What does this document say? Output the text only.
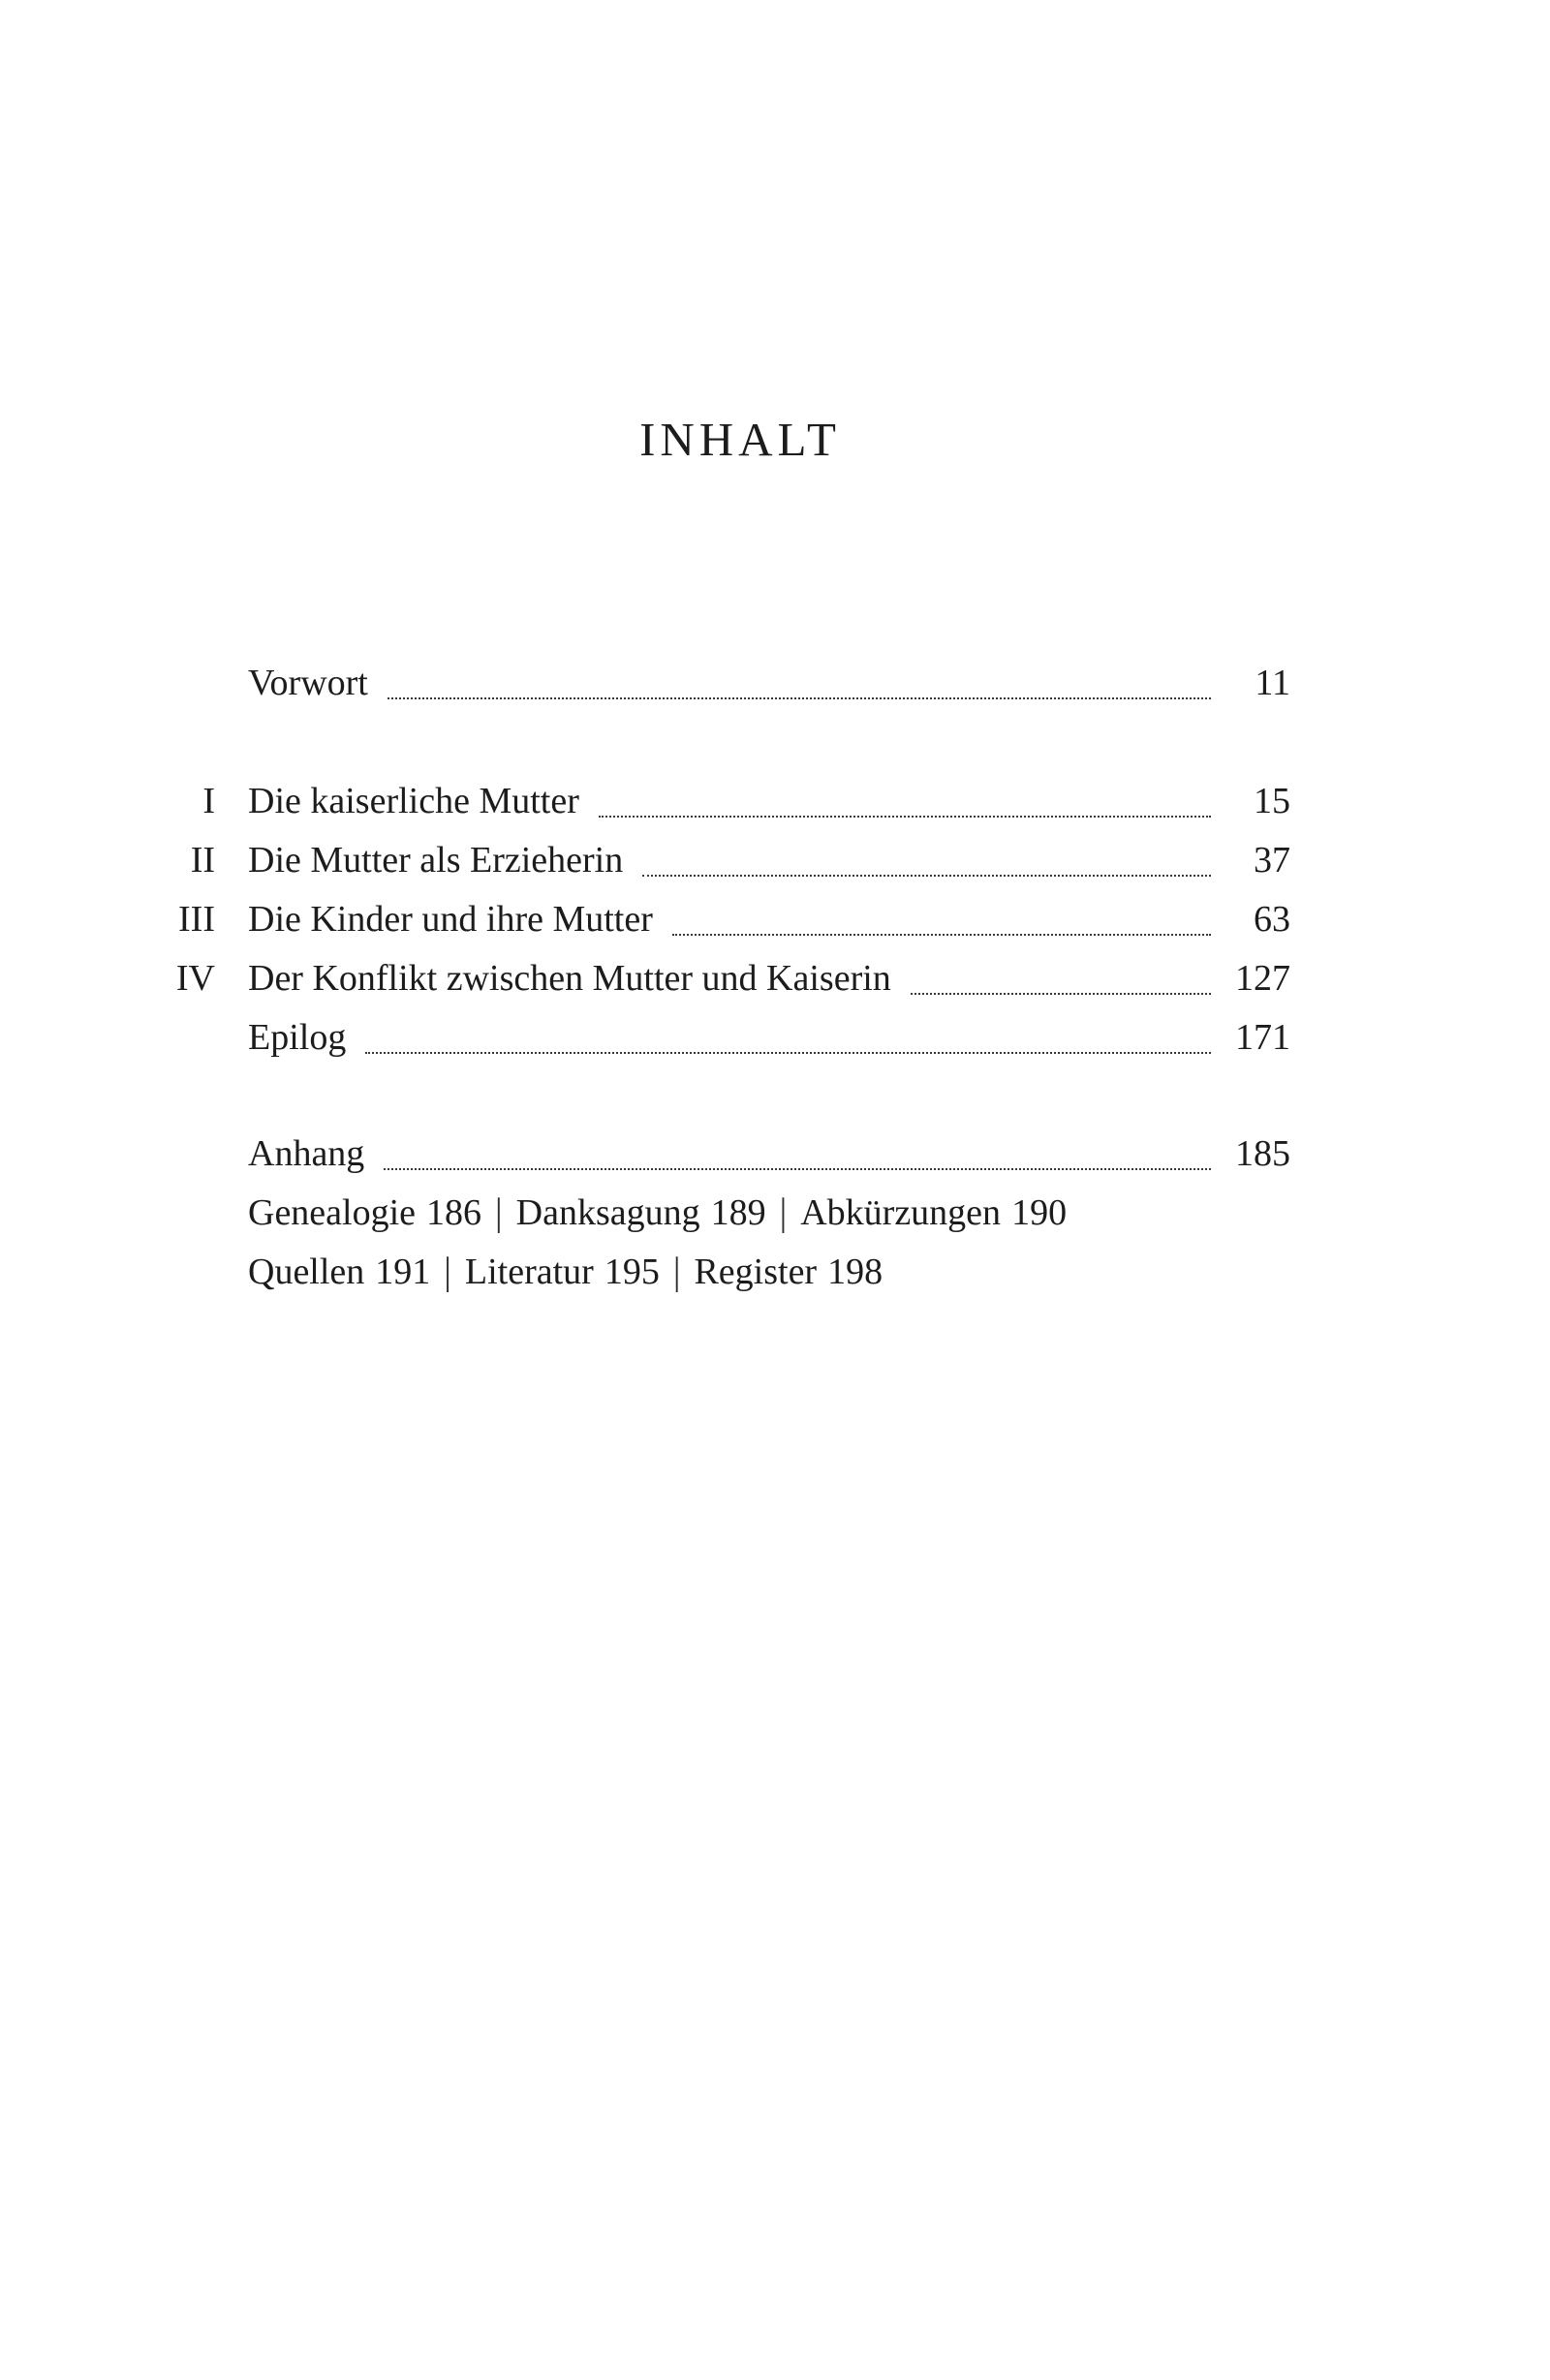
INHALT
Vorwort	11
I Die kaiserliche Mutter	15
II Die Mutter als Erzieherin	37
III Die Kinder und ihre Mutter	63
IV Der Konflikt zwischen Mutter und Kaiserin	127
Epilog	171
Anhang	185
Genealogie 186 | Danksagung 189 | Abkürzungen 190
Quellen 191 | Literatur 195 | Register 198
